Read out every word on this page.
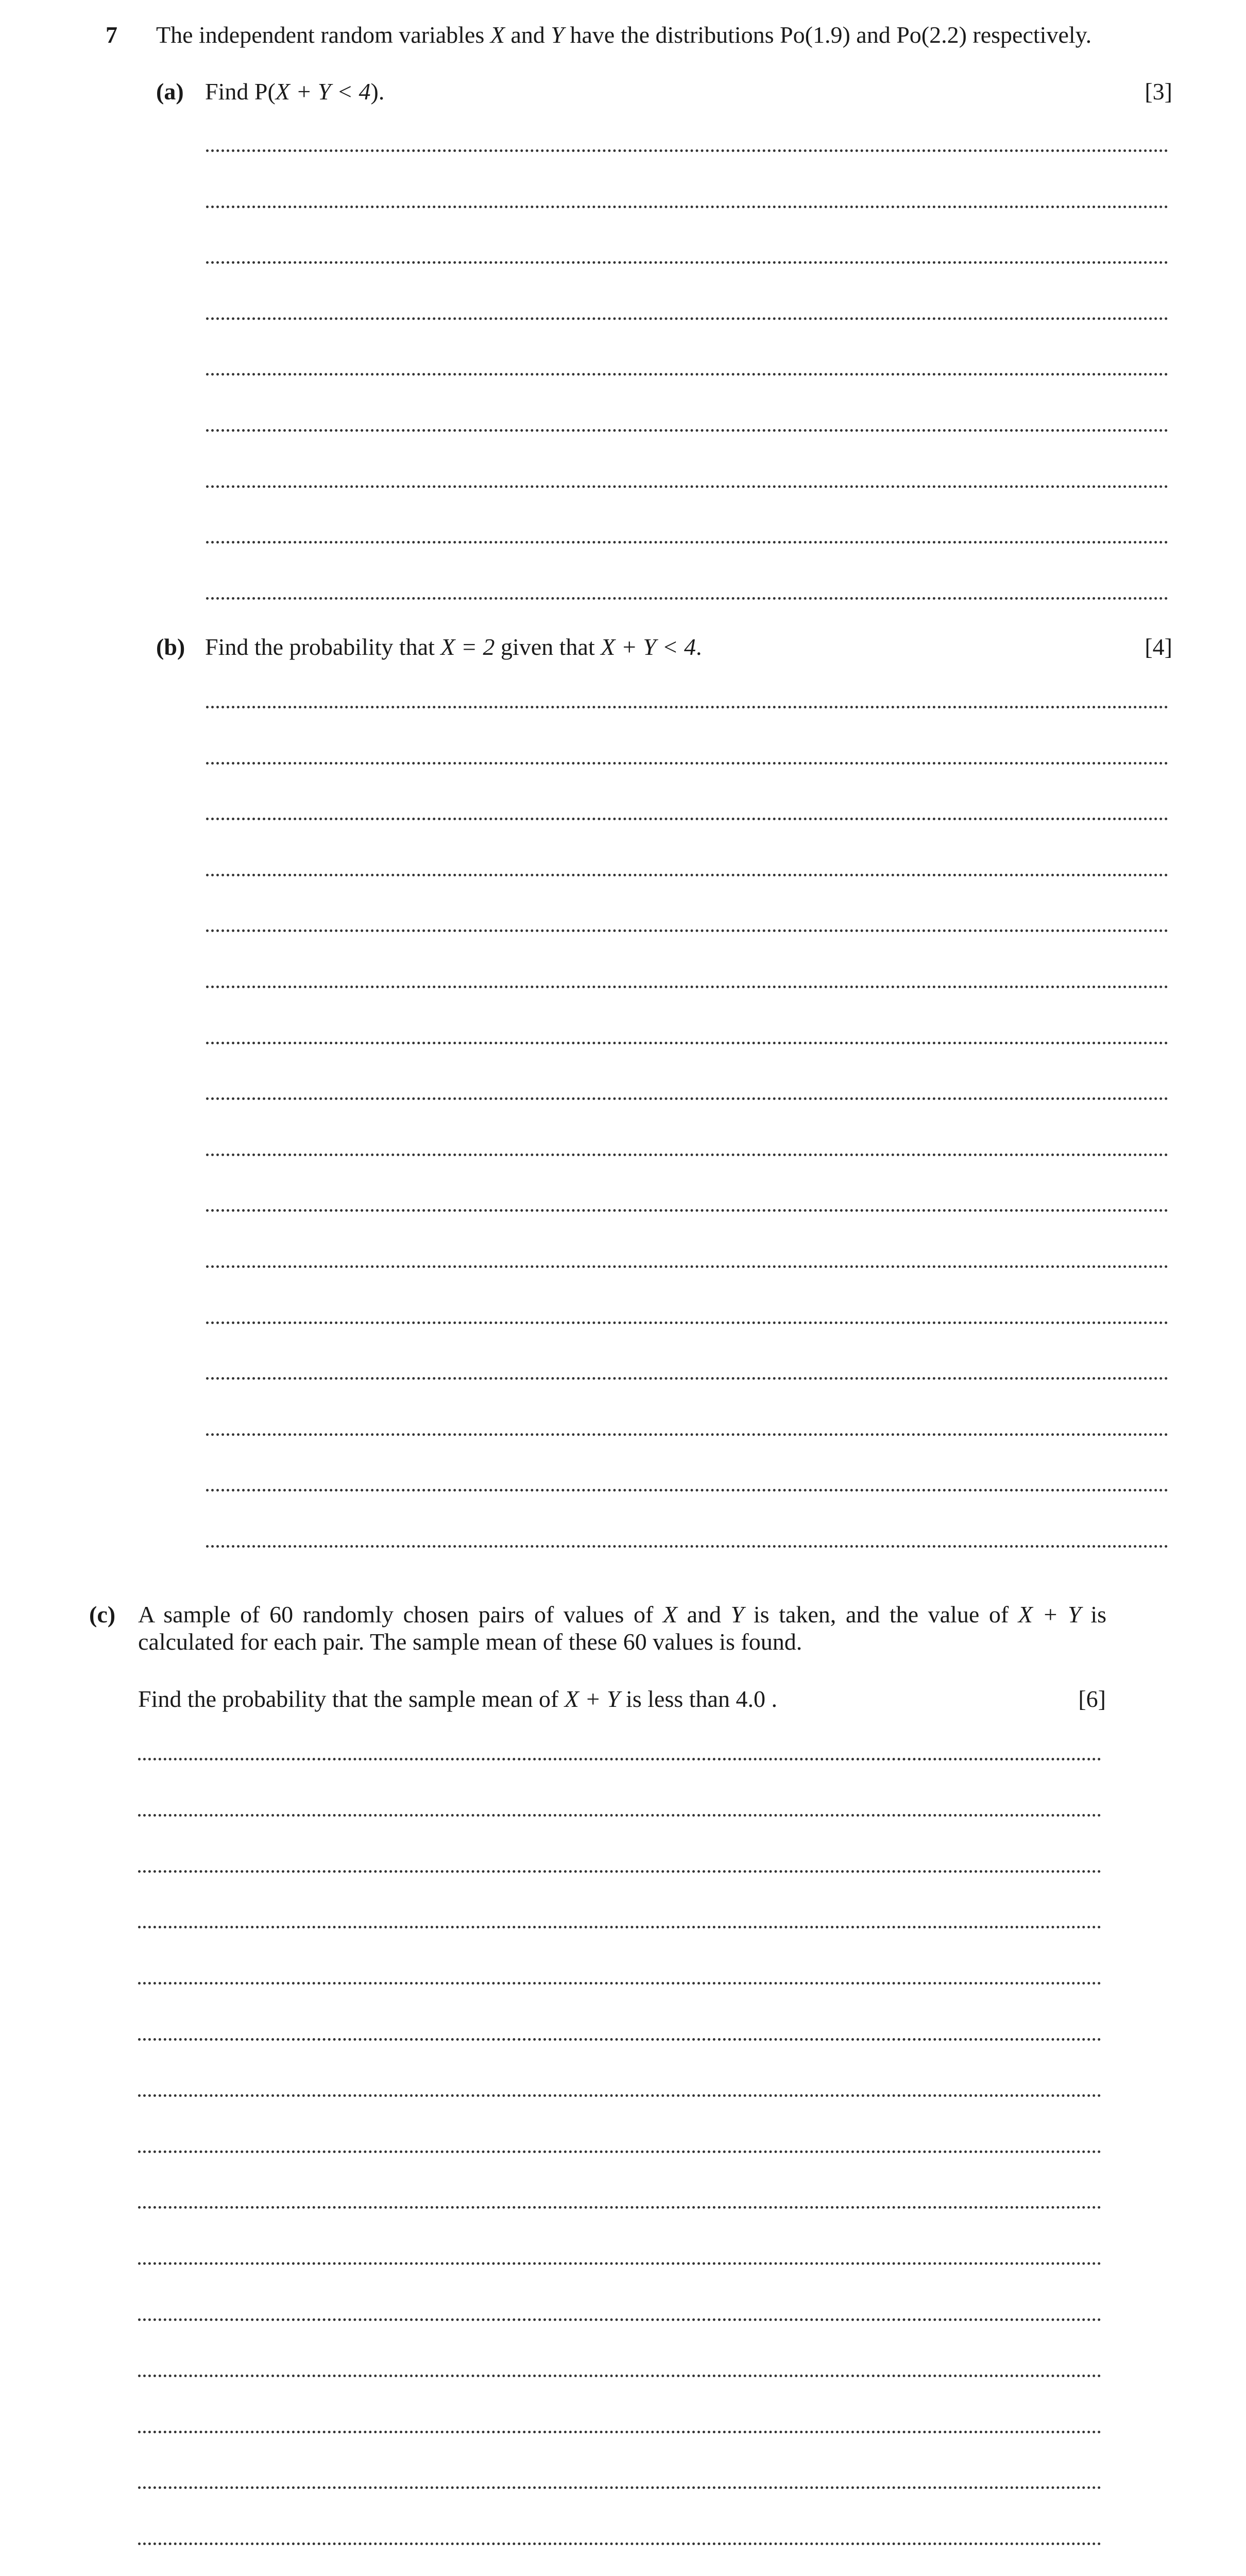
7 The independent random variables X and Y have the distributions Po(1.9) and Po(2.2) respectively.
(a) Find P(X + Y < 4).	[3]
(b) Find the probability that X = 2 given that X + Y < 4.	[4]
(c) A sample of 60 randomly chosen pairs of values of X and Y is taken, and the value of X + Y is calculated for each pair. The sample mean of these 60 values is found.
Find the probability that the sample mean of X + Y is less than 4.0 .	[6]
